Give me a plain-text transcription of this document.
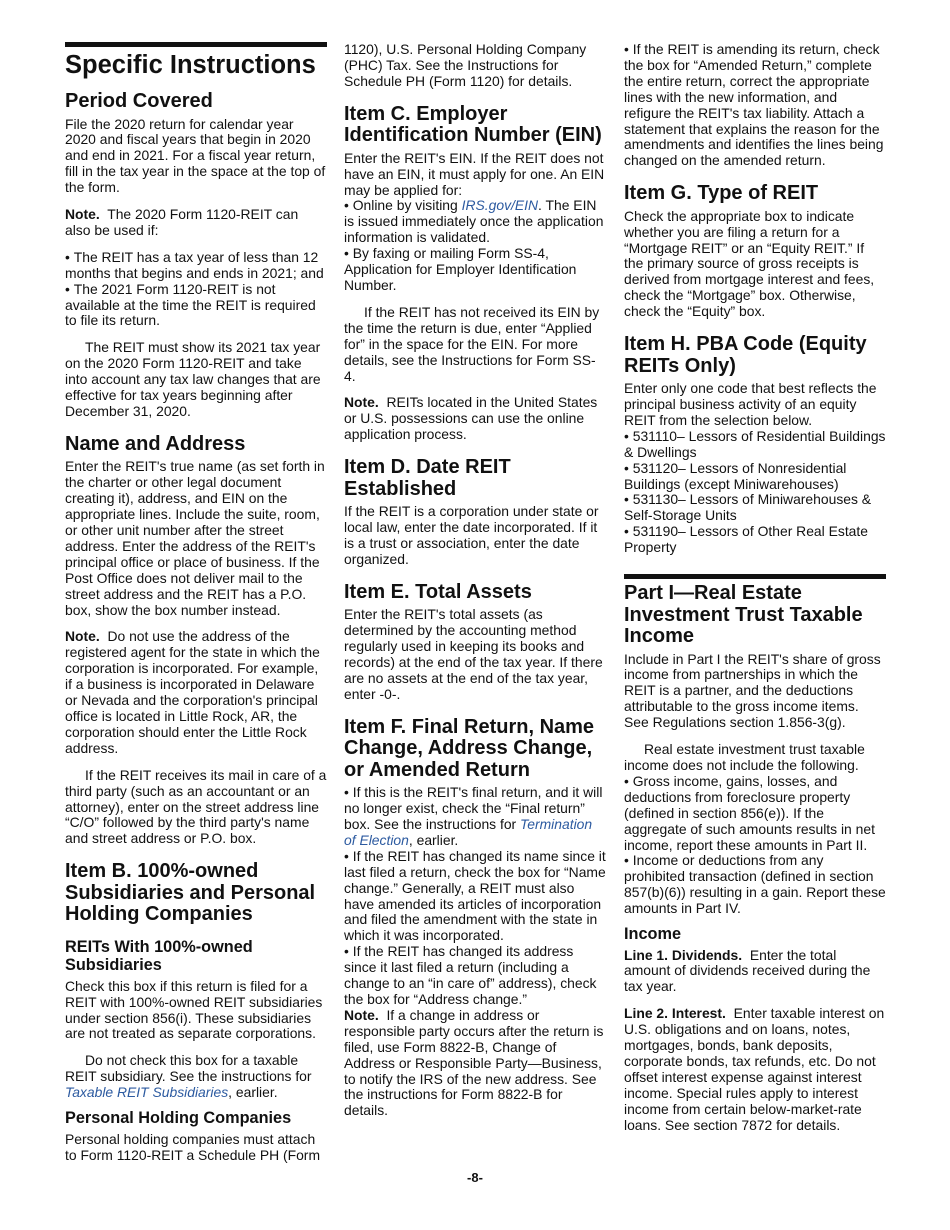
Specific Instructions
Period Covered

File the 2020 return for calendar year 2020 and fiscal years that begin in 2020 and end in 2021. For a fiscal year return, fill in the tax year in the space at the top of the form.

Note. The 2020 Form 1120-REIT can also be used if:

• The REIT has a tax year of less than 12 months that begins and ends in 2021; and

• The 2021 Form 1120-REIT is not available at the time the REIT is required to file its return.

The REIT must show its 2021 tax year on the 2020 Form 1120-REIT and take into account any tax law changes that are effective for tax years beginning after December 31, 2020.

Name and Address

Enter the REIT's true name (as set forth in the charter or other legal document creating it), address, and EIN on the appropriate lines. Include the suite, room, or other unit number after the street address. Enter the address of the REIT's principal office or place of business. If the Post Office does not deliver mail to the street address and the REIT has a P.O. box, show the box number instead.

Note. Do not use the address of the registered agent for the state in which the corporation is incorporated. For example, if a business is incorporated in Delaware or Nevada and the corporation's principal office is located in Little Rock, AR, the corporation should enter the Little Rock address.

If the REIT receives its mail in care of a third party (such as an accountant or an attorney), enter on the street address line “C/O” followed by the third party's name and street address or P.O. box.

Item B. 100%-owned Subsidiaries and Personal Holding Companies
REITs With 100%-owned Subsidiaries

Check this box if this return is filed for a REIT with 100%-owned REIT subsidiaries under section 856(i). These subsidiaries are not treated as separate corporations.

Do not check this box for a taxable REIT subsidiary. See the instructions for Taxable REIT Subsidiaries, earlier.

Personal Holding Companies

Personal holding companies must attach to Form 1120-REIT a Schedule PH (Form

1120), U.S. Personal Holding Company (PHC) Tax. See the Instructions for Schedule PH (Form 1120) for details.

Item C. Employer Identification Number (EIN)

Enter the REIT's EIN. If the REIT does not have an EIN, it must apply for one. An EIN may be applied for:

• Online by visiting IRS.gov/EIN. The EIN is issued immediately once the application information is validated.

• By faxing or mailing Form SS-4, Application for Employer Identification Number.

If the REIT has not received its EIN by the time the return is due, enter “Applied for” in the space for the EIN. For more details, see the Instructions for Form SS-4.

Note. REITs located in the United States or U.S. possessions can use the online application process.

Item D. Date REIT Established

If the REIT is a corporation under state or local law, enter the date incorporated. If it is a trust or association, enter the date organized.

Item E. Total Assets

Enter the REIT's total assets (as determined by the accounting method regularly used in keeping its books and records) at the end of the tax year. If there are no assets at the end of the tax year, enter -0-.

Item F. Final Return, Name Change, Address Change, or Amended Return

• If this is the REIT's final return, and it will no longer exist, check the “Final return” box. See the instructions for Termination of Election, earlier.

• If the REIT has changed its name since it last filed a return, check the box for “Name change.” Generally, a REIT must also have amended its articles of incorporation and filed the amendment with the state in which it was incorporated.

• If the REIT has changed its address since it last filed a return (including a change to an “in care of” address), check the box for “Address change.”

Note. If a change in address or responsible party occurs after the return is filed, use Form 8822-B, Change of Address or Responsible Party—Business, to notify the IRS of the new address. See the instructions for Form 8822-B for details.

• If the REIT is amending its return, check the box for “Amended Return,” complete the entire return, correct the appropriate lines with the new information, and refigure the REIT's tax liability. Attach a statement that explains the reason for the amendments and identifies the lines being changed on the amended return.

Item G. Type of REIT

Check the appropriate box to indicate whether you are filing a return for a “Mortgage REIT” or an “Equity REIT.” If the primary source of gross receipts is derived from mortgage interest and fees, check the “Mortgage” box. Otherwise, check the “Equity” box.

Item H. PBA Code (Equity REITs Only)

Enter only one code that best reflects the principal business activity of an equity REIT from the selection below.

• 531110– Lessors of Residential Buildings & Dwellings

• 531120– Lessors of Nonresidential Buildings (except Miniwarehouses)

• 531130– Lessors of Miniwarehouses & Self-Storage Units

• 531190– Lessors of Other Real Estate Property

Part I—Real Estate Investment Trust Taxable Income

Include in Part I the REIT's share of gross income from partnerships in which the REIT is a partner, and the deductions attributable to the gross income items. See Regulations section 1.856-3(g).

Real estate investment trust taxable income does not include the following.

• Gross income, gains, losses, and deductions from foreclosure property (defined in section 856(e)). If the aggregate of such amounts results in net income, report these amounts in Part II.

• Income or deductions from any prohibited transaction (defined in section 857(b)(6)) resulting in a gain. Report these amounts in Part IV.

Income

Line 1. Dividends. Enter the total amount of dividends received during the tax year.

Line 2. Interest. Enter taxable interest on U.S. obligations and on loans, notes, mortgages, bonds, bank deposits, corporate bonds, tax refunds, etc. Do not offset interest expense against interest income. Special rules apply to interest income from certain below-market-rate loans. See section 7872 for details.

-8-
